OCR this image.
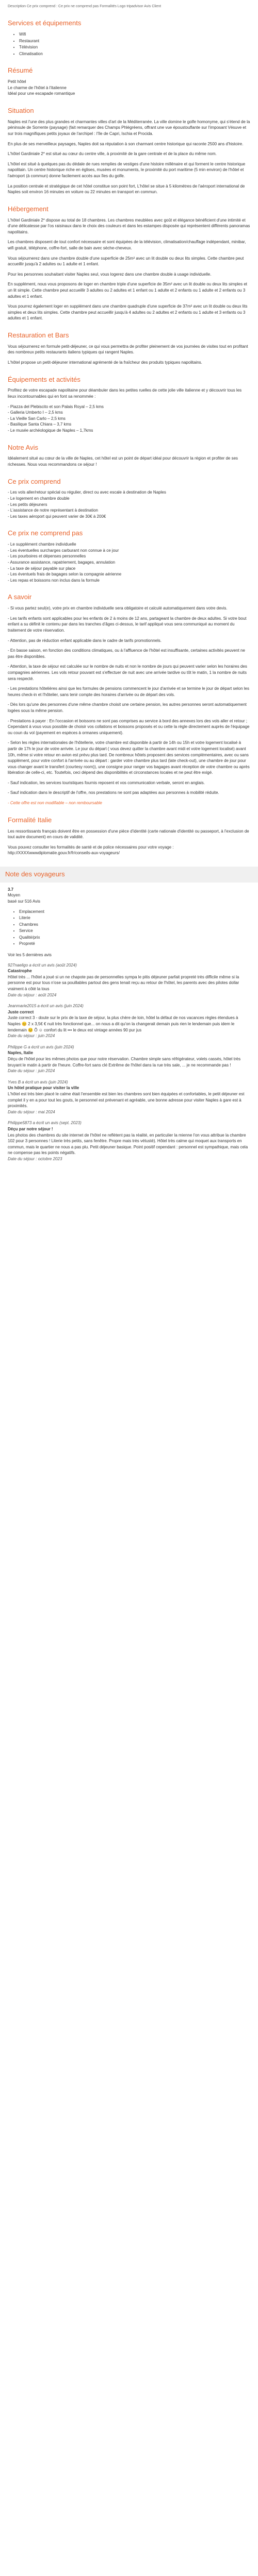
Description Ce prix comprend : Ce prix ne comprend pas Formalités Logo tripadvisor Avis Client
Services et équipements
• Wifi
• Restaurant
• Télévision
• Climatisation
Résumé
Petit hôtel
Le charme de l'hôtel à l'italienne
Idéal pour une escapade romantique
Situation

Naples est l'une des plus grandes et charmantes villes d'art de la Méditerranée. La ville domine le golfe homonyme, qui s'étend de la péninsule de Sorrente (paysage) (fait remarquer des Champs Phlégréens, offrant une vue époustouflante sur l'imposant Vésuve et sur trois magnifiques petits joyaux de l'archipel : l'île de Capri, Ischia et Procida.

En plus de ses merveilleux paysages, Naples doit sa réputation à son charmant centre historique qui raconte 2500 ans d'histoire.

L'hôtel Gardiniale 2* est situé au cœur du centre ville, à proximité de la gare centrale et de la place du même nom.

L'hôtel est situé à quelques pas du dédale de rues remplies de vestiges d'une histoire millénaire et qui forment le centre historique napolitain. Un centre historique riche en églises, musées et monuments, le proximité du port maritime (5 min environ) de l'hôtel et l'aéroport (à commun) donne facilement accès aux îles du golfe.

La position centrale et stratégique de cet hôtel constitue son point fort, L'hôtel se situe à 5 kilomètres de l'aéroport international de Naples soit environ 16 minutes en voiture ou 22 minutes en transport en commun.

Hébergement

L'hôtel Gardiniale 2* dispose au total de 18 chambres. Les chambres meublées avec goût et élégance bénéficient d'une intimité et d'une délicatesse par l'os raisinaux dans le choix des couleurs et dans les estampes disposée qui représentent différents panoramas napolitains.

Les chambres disposent de tout confort nécessaire et sont équipées de la télévision, climatisation/chauffage indépendant, minibar, wifi gratuit, téléphone, coffre-fort, salle de bain avec sèche-cheveux.

Vous séjournerez dans une chambre double d'une superficie de 25m² avec un lit double ou deux lits simples. Cette chambre peut accueillir jusqu'à 2 adultes ou 1 adulte et 1 enfant.

Pour les personnes souhaitant visiter Naples seul, vous logerez dans une chambre double à usage individuelle.

En supplément, nous vous proposons de loger en chambre triple d'une superficie de 35m² avec un lit double ou deux lits simples et un lit simple. Cette chambre peut accueillir 3 adultes ou 2 adultes et 1 enfant ou 1 adulte et 2 enfants ou 1 adulte et 2 enfants ou 3 adultes et 1 enfant.

Vous pourrez également loger en supplément dans une chambre quadruple d'une superficie de 37m² avec un lit double ou deux lits simples et deux lits simples. Cette chambre peut accueillir jusqu'à 4 adultes ou 2 adultes et 2 enfants ou 1 adulte et 3 enfants ou 3 adultes et 1 enfant.

Restauration et Bars

Vous séjournerez en formule petit-déjeuner, ce qui vous permettra de profiter pleinement de vos journées de visites tout en profitant des nombreux petits restaurants italiens typiques qui rangent Naples.

L'hôtel propose un petit-déjeuner international agrémenté de la fraîcheur des produits typiques napolitains.

Équipements et activités

Profitez de votre escapade napolitaine pour déambuler dans les petites ruelles de cette jolie ville italienne et y découvrir tous les lieux incontournables qui en font sa renommée :

- Piazza del Plebiscito et son Palais Royal – 2,5 kms
- Galleria Umberto I – 2,5 kms
- La Vieille San Carlo – 2,5 kms
- Basilique Santa Chiara – 3,7 kms
- Le musée archéologique de Naples – 1,7kms
Notre Avis

Idéalement situé au cœur de la ville de Naples, cet hôtel est un point de départ idéal pour découvrir la région et profiter de ses richesses. Nous vous recommandons ce séjour !

Ce prix comprend
- Les vols aller/retour spécial ou régulier, direct ou avec escale à destination de Naples
- Le logement en chambre double
- Les petits déjeuners
- L'assistance de notre représentant à destination
- Les taxes aéroport qui peuvent varier de 30€ à 200€
Ce prix ne comprend pas
- Le supplément chambre individuelle
- Les éventuelles surcharges carburant non connue à ce jour
- Les pourboires et dépenses personnelles
- Assurance assistance, rapatriement, bagages, annulation
- La taxe de séjour payable sur place
- Les éventuels frais de bagages selon la compagnie aérienne
- Les repas et boissons non inclus dans la formule
A savoir

- Si vous partez seul(e), votre prix en chambre individuelle sera obligatoire et calculé automatiquement dans votre devis.

- Les tarifs enfants sont applicables pour les enfants de 2 à moins de 12 ans, partageant la chambre de deux adultes. Si votre bout enfant a su définit le contenu par dans les tranches d'âges ci-dessus, le tarif appliqué vous sera communiqué au moment du traitement de votre réservation.

- Attention, pas de réduction enfant applicable dans le cadre de tarifs promotionnels.

- En basse saison, en fonction des conditions climatiques, ou à l'affluence de l'hôtel est insuffisante, certaines activités peuvent ne pas être disponibles.

- Attention, la taxe de séjour est calculée sur le nombre de nuits et non le nombre de jours qui peuvent varier selon les horaires des compagnies aériennes. Les vols retour pouvant est s'effectuer de nuit avec une arrivée tardive ou tôt le matin, 1 la nombre de nuits sera respecté.

- Les prestations hôtelières ainsi que les formules de pensions commencent le jour d'arrivée et se termine le jour de départ selon les heures check-in et l'hôtelier, sans tenir compte des horaires d'arrivée ou de départ des vols.

- Dès lors qu'une des personnes d'une même chambre choisit une certaine pension, les autres personnes seront automatiquement logées sous la même pension.

- Prestations à payer : En l'occasion et boissons ne sont pas comprises au service à bord des annexes lors des vols aller et retour ; Cependant à vous vous possible de choisir vos collations et boissons proposés et ou cette la règle directement auprès de l'équipage ou coun du vol (payement en espèces à ormanes uniquement).

- Selon les règles internationales de l'hôtellerie, votre chambre est disponible à partir de 14h ou 15h et votre logement localisé à partir de 17h le jour de votre arrivée. Le jour du départ ( vous devez quitter la chambre avant midi et votre logement localisé) avant 10h, même si votre retour en avion est prévu plus tard. De nombreux hôtels proposent des services complémentaires, avec ou sans supplément, pour votre confort à l'arrivée ou au départ : garder votre chambre plus tard (late check-out), une chambre de jour pour vous changer avant le transfert (courtesy room)), une consigne pour ranger vos bagages avant réception de votre chambre ou après libération de celle-ci, etc. Toutefois, ceci dépend des disponibilités et circonstances locales et ne peut être exigé.

- Sauf indication, les services touristiques fournis reposent et vos communication verbale, seront en anglais.

- Sauf indication dans le descriptif de l'offre, nos prestations ne sont pas adaptées aux personnes à mobilité réduite.

- Cette offre est non modifiable – non remboursable

Formalité Italie

Les ressortissants français doivent être en possession d'une pièce d'identité (carte nationale d'identité ou passeport, à l'exclusion de tout autre document) en cours de validité.

Vous pouvez consulter les formalités de santé et de police nécessaires pour votre voyage : http://XXXXwwwdiplomatie.gouv.fr/fr/conseils-aux-voyageurs/

Note des voyageurs
3.7
Moyen

basé sur 516 Avis

• Emplacement
• Literie
• Chambres
• Service
• Qualité/prix
• Propreté

Voir les 5 dernières avis

927naeligo a écrit un avis (août 2024)
Catastrophe
Hôtel très ... l'hôtel a joué si un ne chapote pas de personnelles sympa le pitis déjeuner parfait propreté très difficile même si la personne est pour tous n'ose sa pouillables partout des gens tenait reçu au retour de l'hôtel, les parents avec des pilotes dollar vraiment à côté la tous
Date du séjour : août 2024
Jeanmarie2015 a écrit un avis (juin 2024)
Juste correct
Juste correct 3 - doute sur le prix de la taxe de séjour, la plus chère de loin, hôtel la défaut de nos vacances règles étendues à Naples 😊 2 x 3,5€ € nuit très fonctionnel que... on nous a dit qu'on la changerait demain puis rien le lendemain puis idem le lendemain 😣 Ô ☺ confort du lit ••• le deux est vintage années 90 pur jus
Date du séjour : juin 2024
Philippe G a écrit un avis (juin 2024)
Naples, Italie
Déçu de l'hôtel pour les mêmes photos que pour notre réservation. Chambre simple sans réfrigérateur, volets cassés, hôtel très bruyant le matin à partir de l'heure. Coffre-fort sans clé Extrême de l'hôtel dans la rue très sale, ... je ne recommande pas !
Date du séjour : juin 2024
Yves B a écrit un avis (juin 2024)
Un hôtel pratique pour visiter la ville
L'hôtel est très bien placé le calme était l'ensemble est bien les chambres sont bien équipées et confortables, le petit déjeuner est complet il y en a pour tout les gouts, le personnel est prévenant et agréable, une bonne adresse pour visiter Naples à gare est à proximités.
Date du séjour : mai 2024
Philippe5873 a écrit un avis (sept. 2023)
Déçu par notre séjour !
Les photos des chambres du site internet de l'hôtel ne reflètent pas la réalité, en particulier la mienne l'on vous attribue la chambre 102 pour 3 personnes ! Literie très petits, sans fenêtre. Propre mais très vétusté). Hôtel très calme qui moquet aux transports en commun, mais le quartier ne nous a pas plu. Petit déjeuner basique. Point positif cependant : personnel est sympathique, mais cela ne compense pas les points négatifs.
Date du séjour : octobre 2023
